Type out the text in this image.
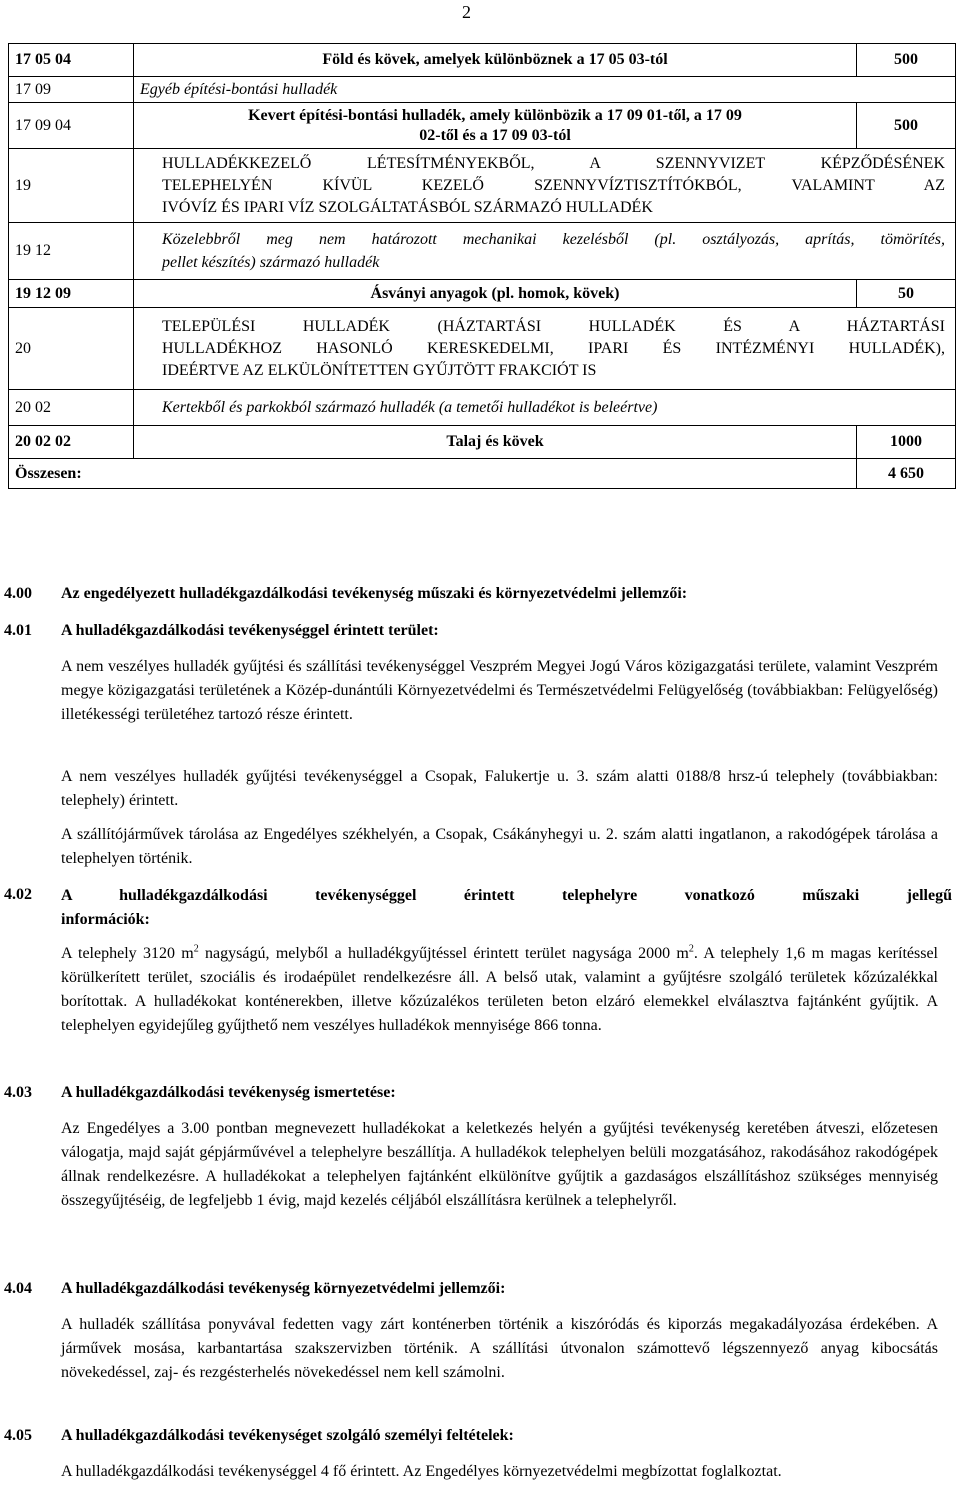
2
17 05 04	Föld és kövek, amelyek különböznek a 17 05 03-tól	500
17 09	Egyéb építési-bontási hulladék	
17 09 04	Kevert építési-bontási hulladék, amely különbözik a 17 09 01-től, a 17 09
02-től és a 17 09 03-tól	500
19	HULLADÉKKEZELŐ LÉTESÍTMÉNYEKBŐL, A SZENNYVIZET KÉPZŐDÉSÉNEK
TELEPHELYÉN KÍVÜL KEZELŐ SZENNYVÍZTISZTÍTÓKBÓL, VALAMINT AZ
IVÓVÍZ ÉS IPARI VÍZ SZOLGÁLTATÁSBÓL SZÁRMAZÓ HULLADÉK	

19 12	Közelebbről meg nem határozott mechanikai kezelésből (pl. osztályozás, aprítás, tömörítés,
pellet készítés) származó hulladék	

19 12 09	Ásványi anyagok (pl. homok, kövek)	50
20	TELEPÜLÉSI HULLADÉK (HÁZTARTÁSI HULLADÉK ÉS A HÁZTARTÁSI
HULLADÉKHOZ HASONLÓ KERESKEDELMI, IPARI ÉS INTÉZMÉNYI HULLADÉK),
IDEÉRTVE AZ ELKÜLÖNÍTETTEN GYŰJTÖTT FRAKCIÓT IS	

20 02	Kertekből és parkokból származó hulladék (a temetői hulladékot is beleértve)	
20 02 02	Talaj és kövek	1000
Összesen:		4 650
4.00 Az engedélyezett hulladékgazdálkodási tevékenység műszaki és környezetvédelmi jellemzői:
4.01 A hulladékgazdálkodási tevékenységgel érintett terület:
A nem veszélyes hulladék gyűjtési és szállítási tevékenységgel Veszprém Megyei Jogú Város közigazgatási területe, valamint Veszprém megye közigazgatási területének a Közép-dunántúli Környezetvédelmi és Természetvédelmi Felügyelőség (továbbiakban: Felügyelőség) illetékességi területéhez tartozó része érintett.
A nem veszélyes hulladék gyűjtési tevékenységgel a Csopak, Falukertje u. 3. szám alatti 0188/8 hrsz-ú telephely (továbbiakban: telephely) érintett.
A szállítójárművek tárolása az Engedélyes székhelyén, a Csopak, Csákányhegyi u. 2. szám alatti ingatlanon, a rakodógépek tárolása a telephelyen történik.
4.02 A hulladékgazdálkodási tevékenységgel érintett telephelyre vonatkozó műszaki jellegű
információk:
A telephely 3120 $m^2$ nagyságú, melyből a hulladékgyűjtéssel érintett terület nagysága 2000 $m^2$. A telephely 1,6 m magas kerítéssel körülkerített terület, szociális és irodaépület rendelkezésre áll. A belső utak, valamint a gyűjtésre szolgáló területek kőzúzalékkal borítottak. A hulladékokat konténerekben, illetve kőzúzalékos területen beton elzáró elemekkel elválasztva fajtánként gyűjtik. A telephelyen egyidejűleg gyűjthető nem veszélyes hulladékok mennyisége 866 tonna.
4.03 A hulladékgazdálkodási tevékenység ismertetése:
Az Engedélyes a 3.00 pontban megnevezett hulladékokat a keletkezés helyén a gyűjtési tevékenység keretében átveszi, előzetesen válogatja, majd saját gépjárművével a telephelyre beszállítja. A hulladékok telephelyen belüli mozgatásához, rakodásához rakodógépek állnak rendelkezésre. A hulladékokat a telephelyen fajtánként elkülönítve gyűjtik a gazdaságos elszállításhoz szükséges mennyiség összegyűjtéséig, de legfeljebb 1 évig, majd kezelés céljából elszállításra kerülnek a telephelyről.
4.04 A hulladékgazdálkodási tevékenység környezetvédelmi jellemzői:
A hulladék szállítása ponyvával fedetten vagy zárt konténerben történik a kiszóródás és kiporzás megakadályozása érdekében. A járművek mosása, karbantartása szakszervizben történik. A szállítási útvonalon számottevő légszennyező anyag kibocsátás növekedéssel, zaj- és rezgésterhelés növekedéssel nem kell számolni.
4.05 A hulladékgazdálkodási tevékenységet szolgáló személyi feltételek:
A hulladékgazdálkodási tevékenységgel 4 fő érintett. Az Engedélyes környezetvédelmi megbízottat foglalkoztat.
